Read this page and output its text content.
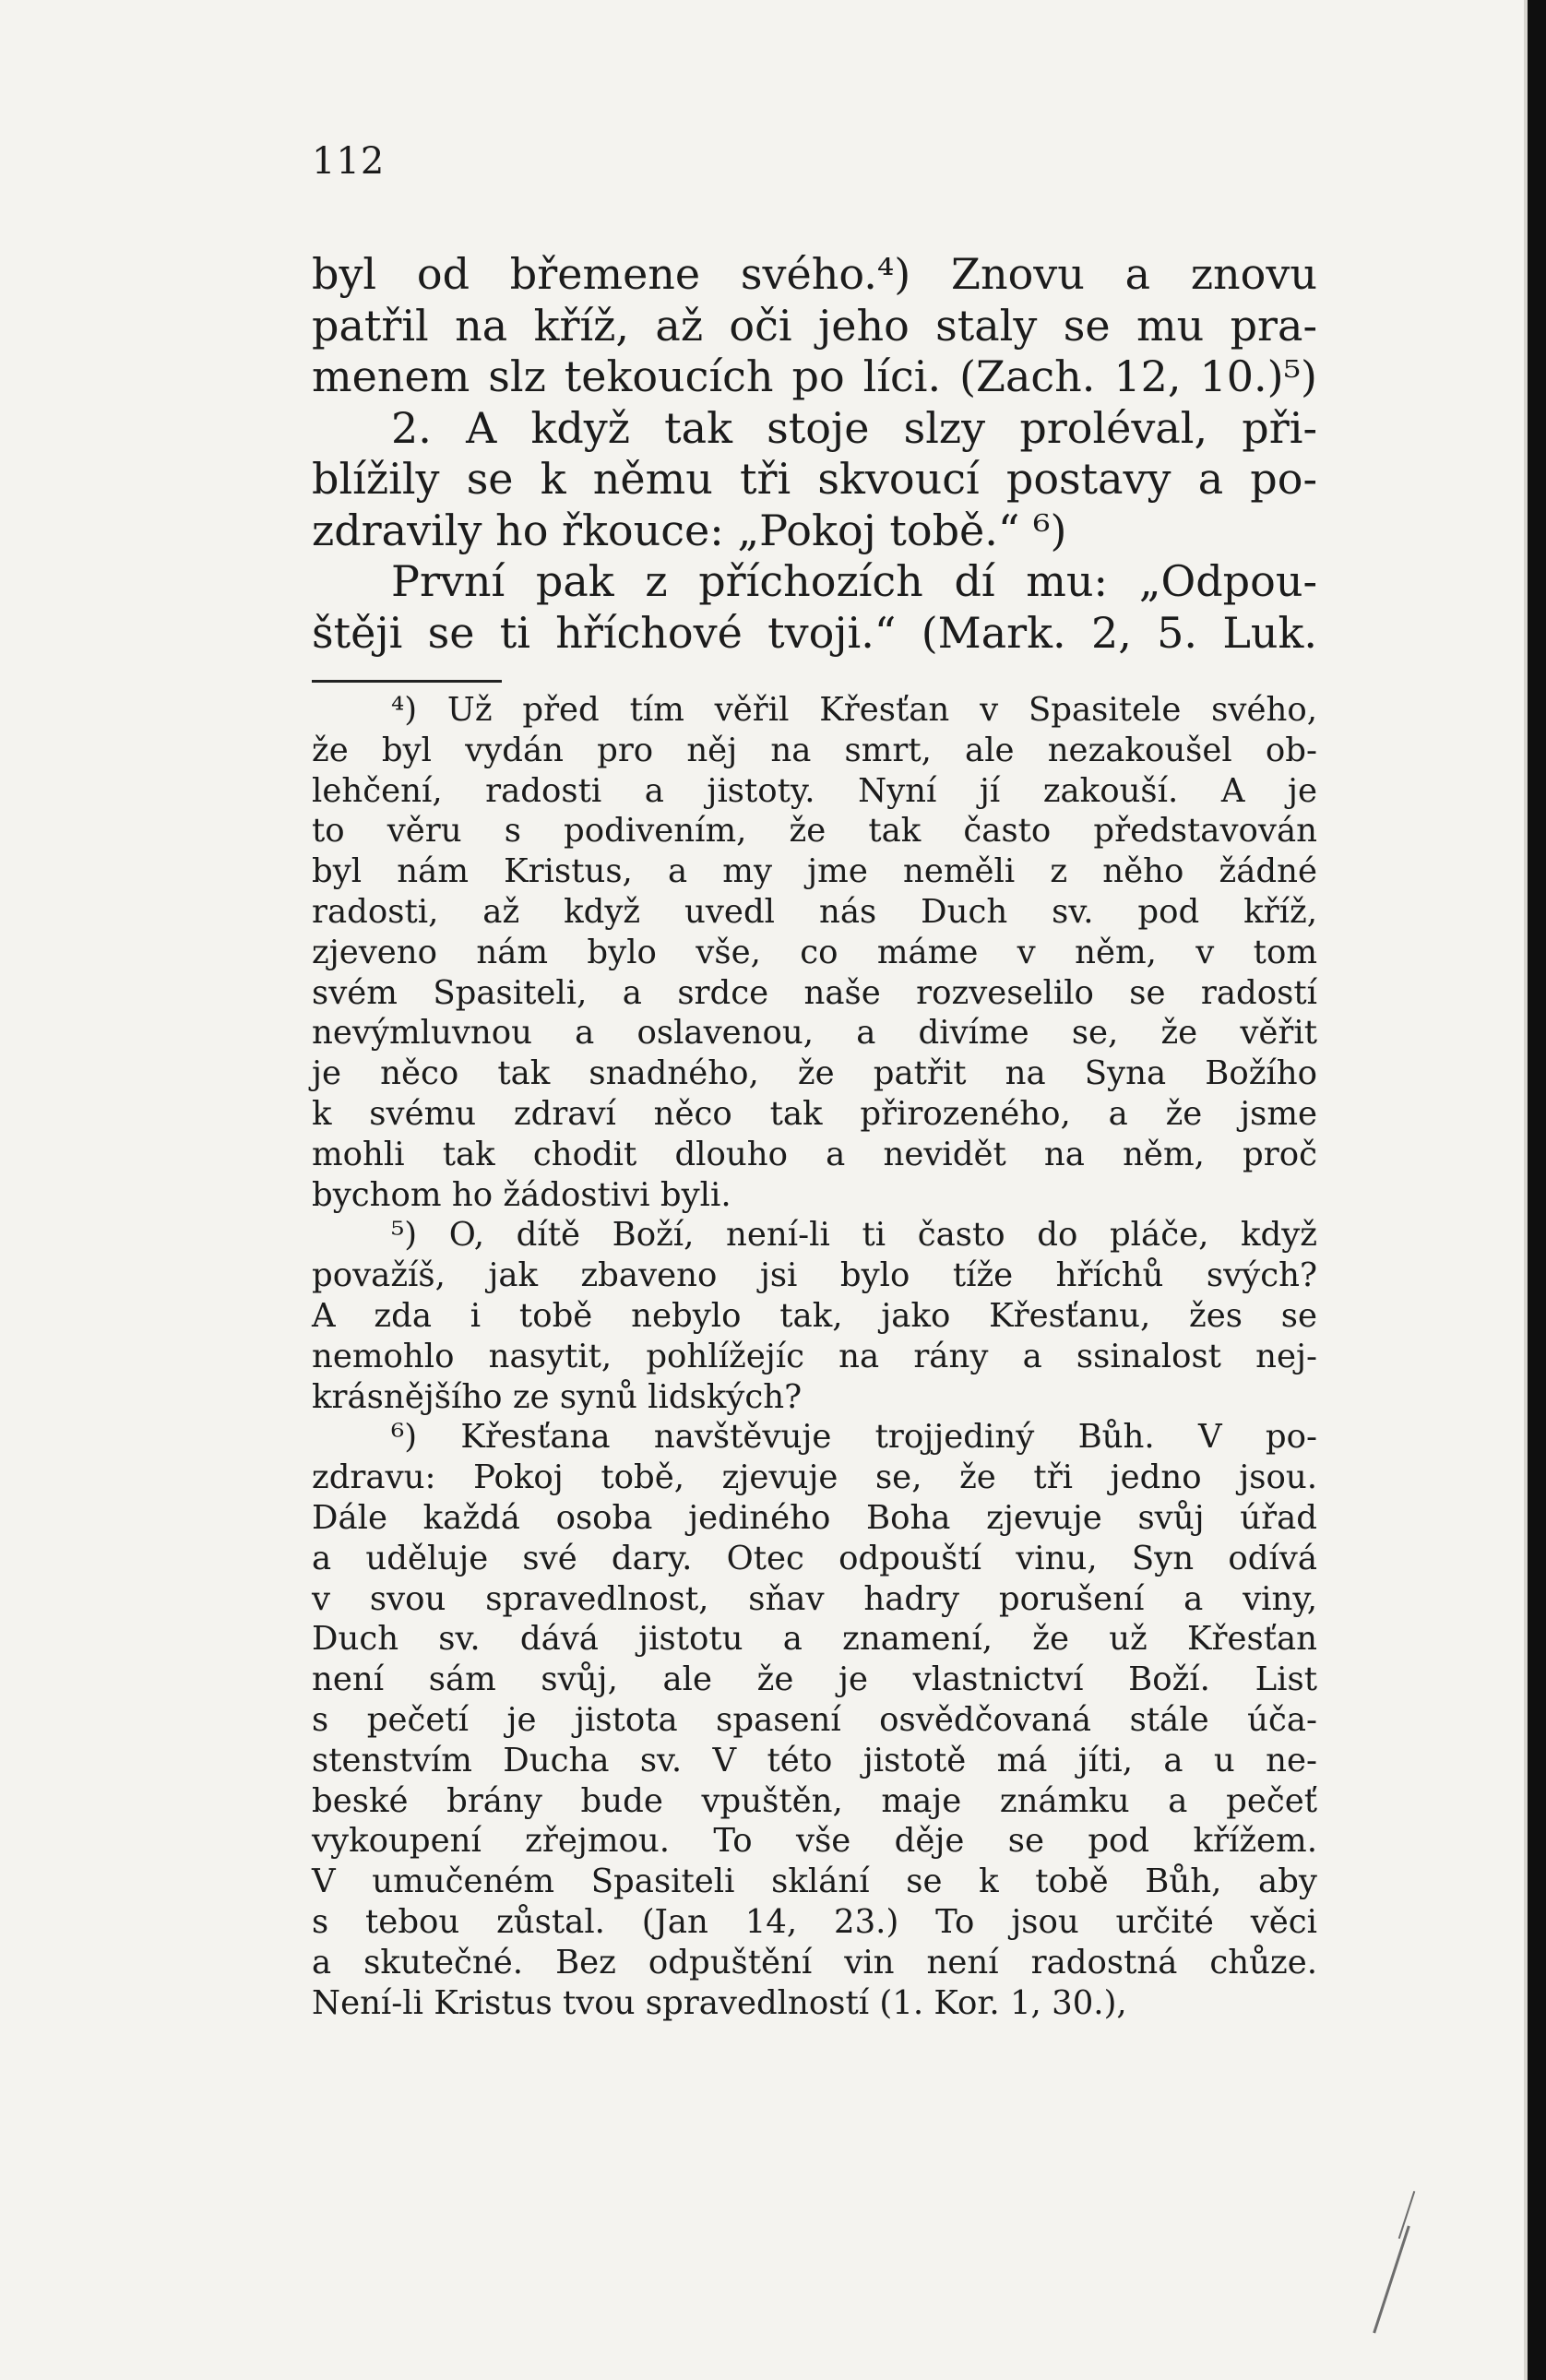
112
byl od břemene svého.⁴) Znovu a znovu
patřil na kříž, až oči jeho staly se mu pra-
menem slz tekoucích po líci. (Zach. 12, 10.)⁵)
2. A když tak stoje slzy proléval, při-
blížily se k němu tři skvoucí postavy a po-
zdravily ho řkouce: „Pokoj tobě.“ ⁶)
První pak z příchozích dí mu: „Odpou-
štěji se ti hříchové tvoji.“ (Mark. 2, 5. Luk.
⁴) Už před tím věřil Křesťan v Spasitele svého,
že byl vydán pro něj na smrt, ale nezakoušel ob-
lehčení, radosti a jistoty. Nyní jí zakouší. A je
to věru s podivením, že tak často představován
byl nám Kristus, a my jme neměli z něho žádné
radosti, až když uvedl nás Duch sv. pod kříž,
zjeveno nám bylo vše, co máme v něm, v tom
svém Spasiteli, a srdce naše rozveselilo se radostí
nevýmluvnou a oslavenou, a divíme se, že věřit
je něco tak snadného, že patřit na Syna Božího
k svému zdraví něco tak přirozeného, a že jsme
mohli tak chodit dlouho a nevidět na něm, proč
bychom ho žádostivi byli.
⁵) O, dítě Boží, není-li ti často do pláče, když
považíš, jak zbaveno jsi bylo tíže hříchů svých?
A zda i tobě nebylo tak, jako Křesťanu, žes se
nemohlo nasytit, pohlížejíc na rány a ssinalost nej-
krásnějšího ze synů lidských?
⁶) Křesťana navštěvuje trojjediný Bůh. V po-
zdravu: Pokoj tobě, zjevuje se, že tři jedno jsou.
Dále každá osoba jediného Boha zjevuje svůj úřad
a uděluje své dary. Otec odpouští vinu, Syn odívá
v svou spravedlnost, sňav hadry porušení a viny,
Duch sv. dává jistotu a znamení, že už Křesťan
není sám svůj, ale že je vlastnictví Boží. List
s pečetí je jistota spasení osvědčovaná stále úča-
stenstvím Ducha sv. V této jistotě má jíti, a u ne-
beské brány bude vpuštěn, maje známku a pečeť
vykoupení zřejmou. To vše děje se pod křížem.
V umučeném Spasiteli sklání se k tobě Bůh, aby
s tebou zůstal. (Jan 14, 23.) To jsou určité věci
a skutečné. Bez odpuštění vin není radostná chůze.
Není-li Kristus tvou spravedlností (1. Kor. 1, 30.),
